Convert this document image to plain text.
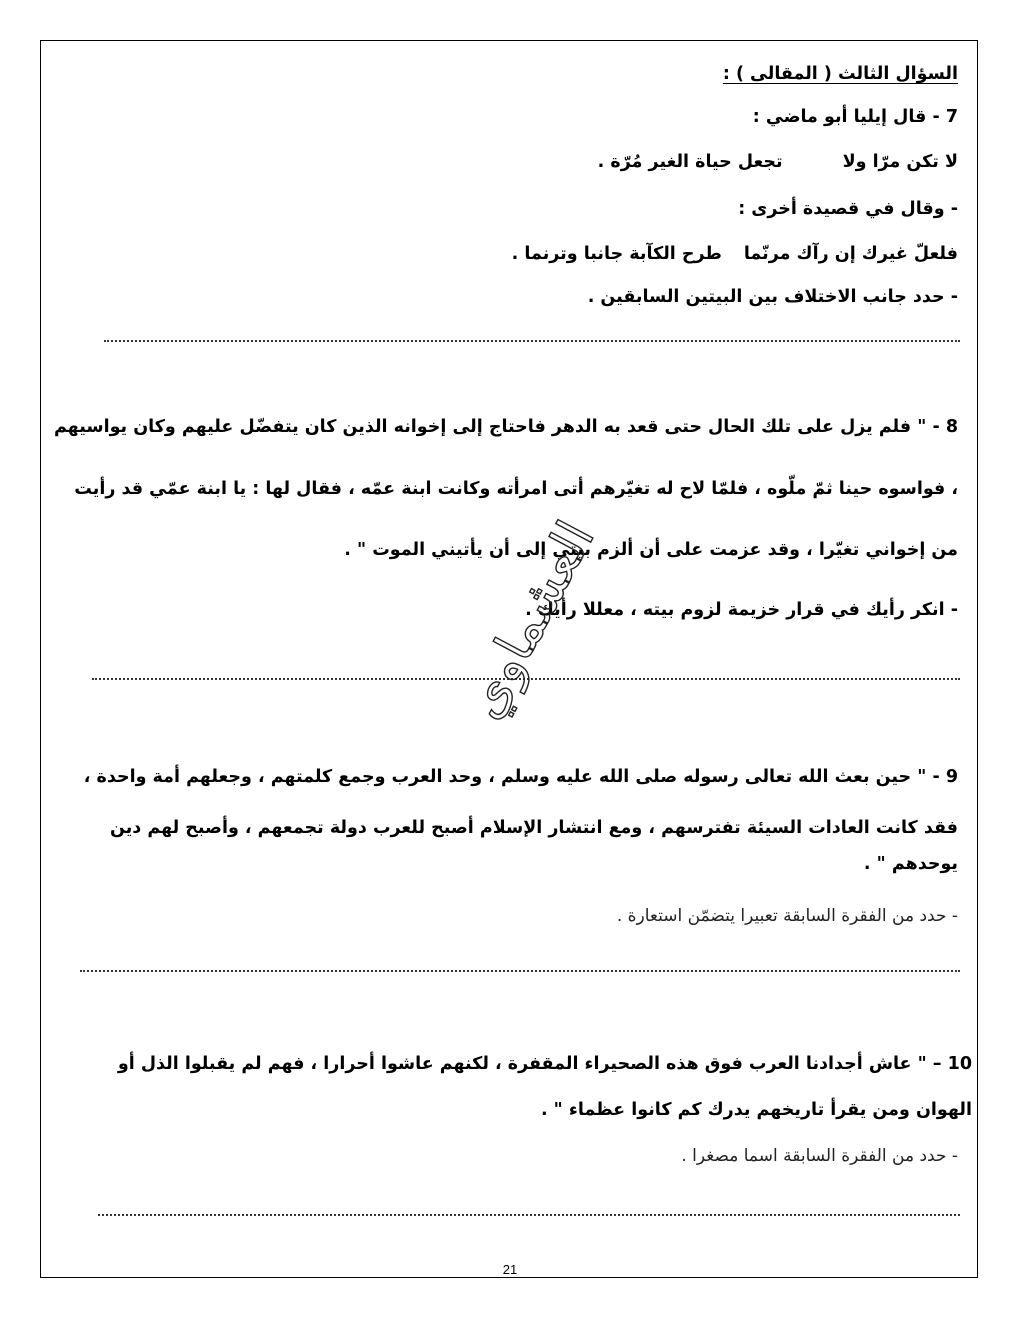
السؤال الثالث ( المقالى ) :
7 - قال إيليا أبو ماضي :
لا تكن مرّا ولاتجعل حياة الغير مُرّة .
- وقال في قصيدة أخرى :
فلعلّ غيرك إن رآك مرنّماطرح الكآبة جانبا وترنما .
- حدد جانب الاختلاف بين البيتين السابقين .
8 - " فلم يزل على تلك الحال حتى قعد به الدهر فاحتاج إلى إخوانه الذين كان يتفضّل عليهم وكان يواسيهم
، فواسوه حينا ثمّ ملّوه ، فلمّا لاح له تغيّرهم أتى امرأته وكانت ابنة عمّه ، فقال لها : يا ابنة عمّي قد رأيت
من إخواني تغيّرا ، وقد عزمت على أن ألزم بيتي إلى أن يأتيني الموت " .
- انكر رأيك في قرار خزيمة لزوم بيته ، معللا رأيك .
العشماوي
9 - " حين بعث الله تعالى رسوله صلى الله عليه وسلم ، وحد العرب وجمع كلمتهم ، وجعلهم أمة واحدة ،
فقد كانت العادات السيئة تفترسهم ، ومع انتشار الإسلام أصبح للعرب دولة تجمعهم ، وأصبح لهم دين
يوحدهم " .
- حدد من الفقرة السابقة تعبيرا يتضمّن استعارة .
10 – " عاش أجدادنا العرب فوق هذه الصحيراء المقفرة ، لكنهم عاشوا أحرارا ، فهم لم يقبلوا الذل أو
الهوان ومن يقرأ تاريخهم يدرك كم كانوا عظماء " .
- حدد من الفقرة السابقة اسما مصغرا .
21
